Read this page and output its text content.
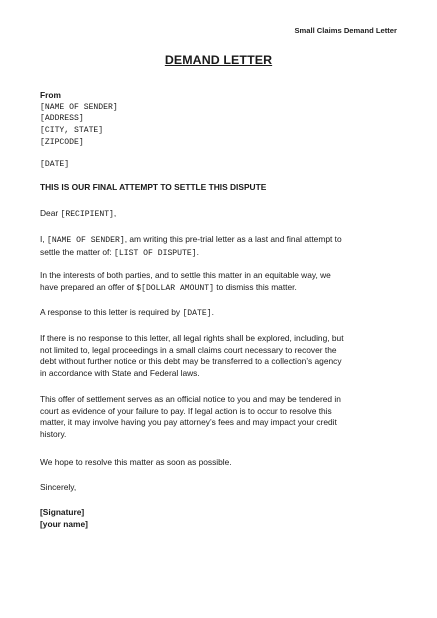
Small Claims Demand Letter
DEMAND LETTER
From
[NAME OF SENDER]
[ADDRESS]
[CITY, STATE]
[ZIPCODE]
[DATE]
THIS IS OUR FINAL ATTEMPT TO SETTLE THIS DISPUTE
Dear [RECIPIENT],
I, [NAME OF SENDER], am writing this pre-trial letter as a last and final attempt to
settle the matter of: [LIST OF DISPUTE].
In the interests of both parties, and to settle this matter in an equitable way, we
have prepared an offer of $[DOLLAR AMOUNT] to dismiss this matter.
A response to this letter is required by [DATE].
If there is no response to this letter, all legal rights shall be explored, including, but
not limited to, legal proceedings in a small claims court necessary to recover the
debt without further notice or this debt may be transferred to a collection’s agency
in accordance with State and Federal laws.
This offer of settlement serves as an official notice to you and may be tendered in
court as evidence of your failure to pay. If legal action is to occur to resolve this
matter, it may involve having you pay attorney’s fees and may impact your credit
history.
We hope to resolve this matter as soon as possible.
Sincerely,
[Signature]
[your name]
